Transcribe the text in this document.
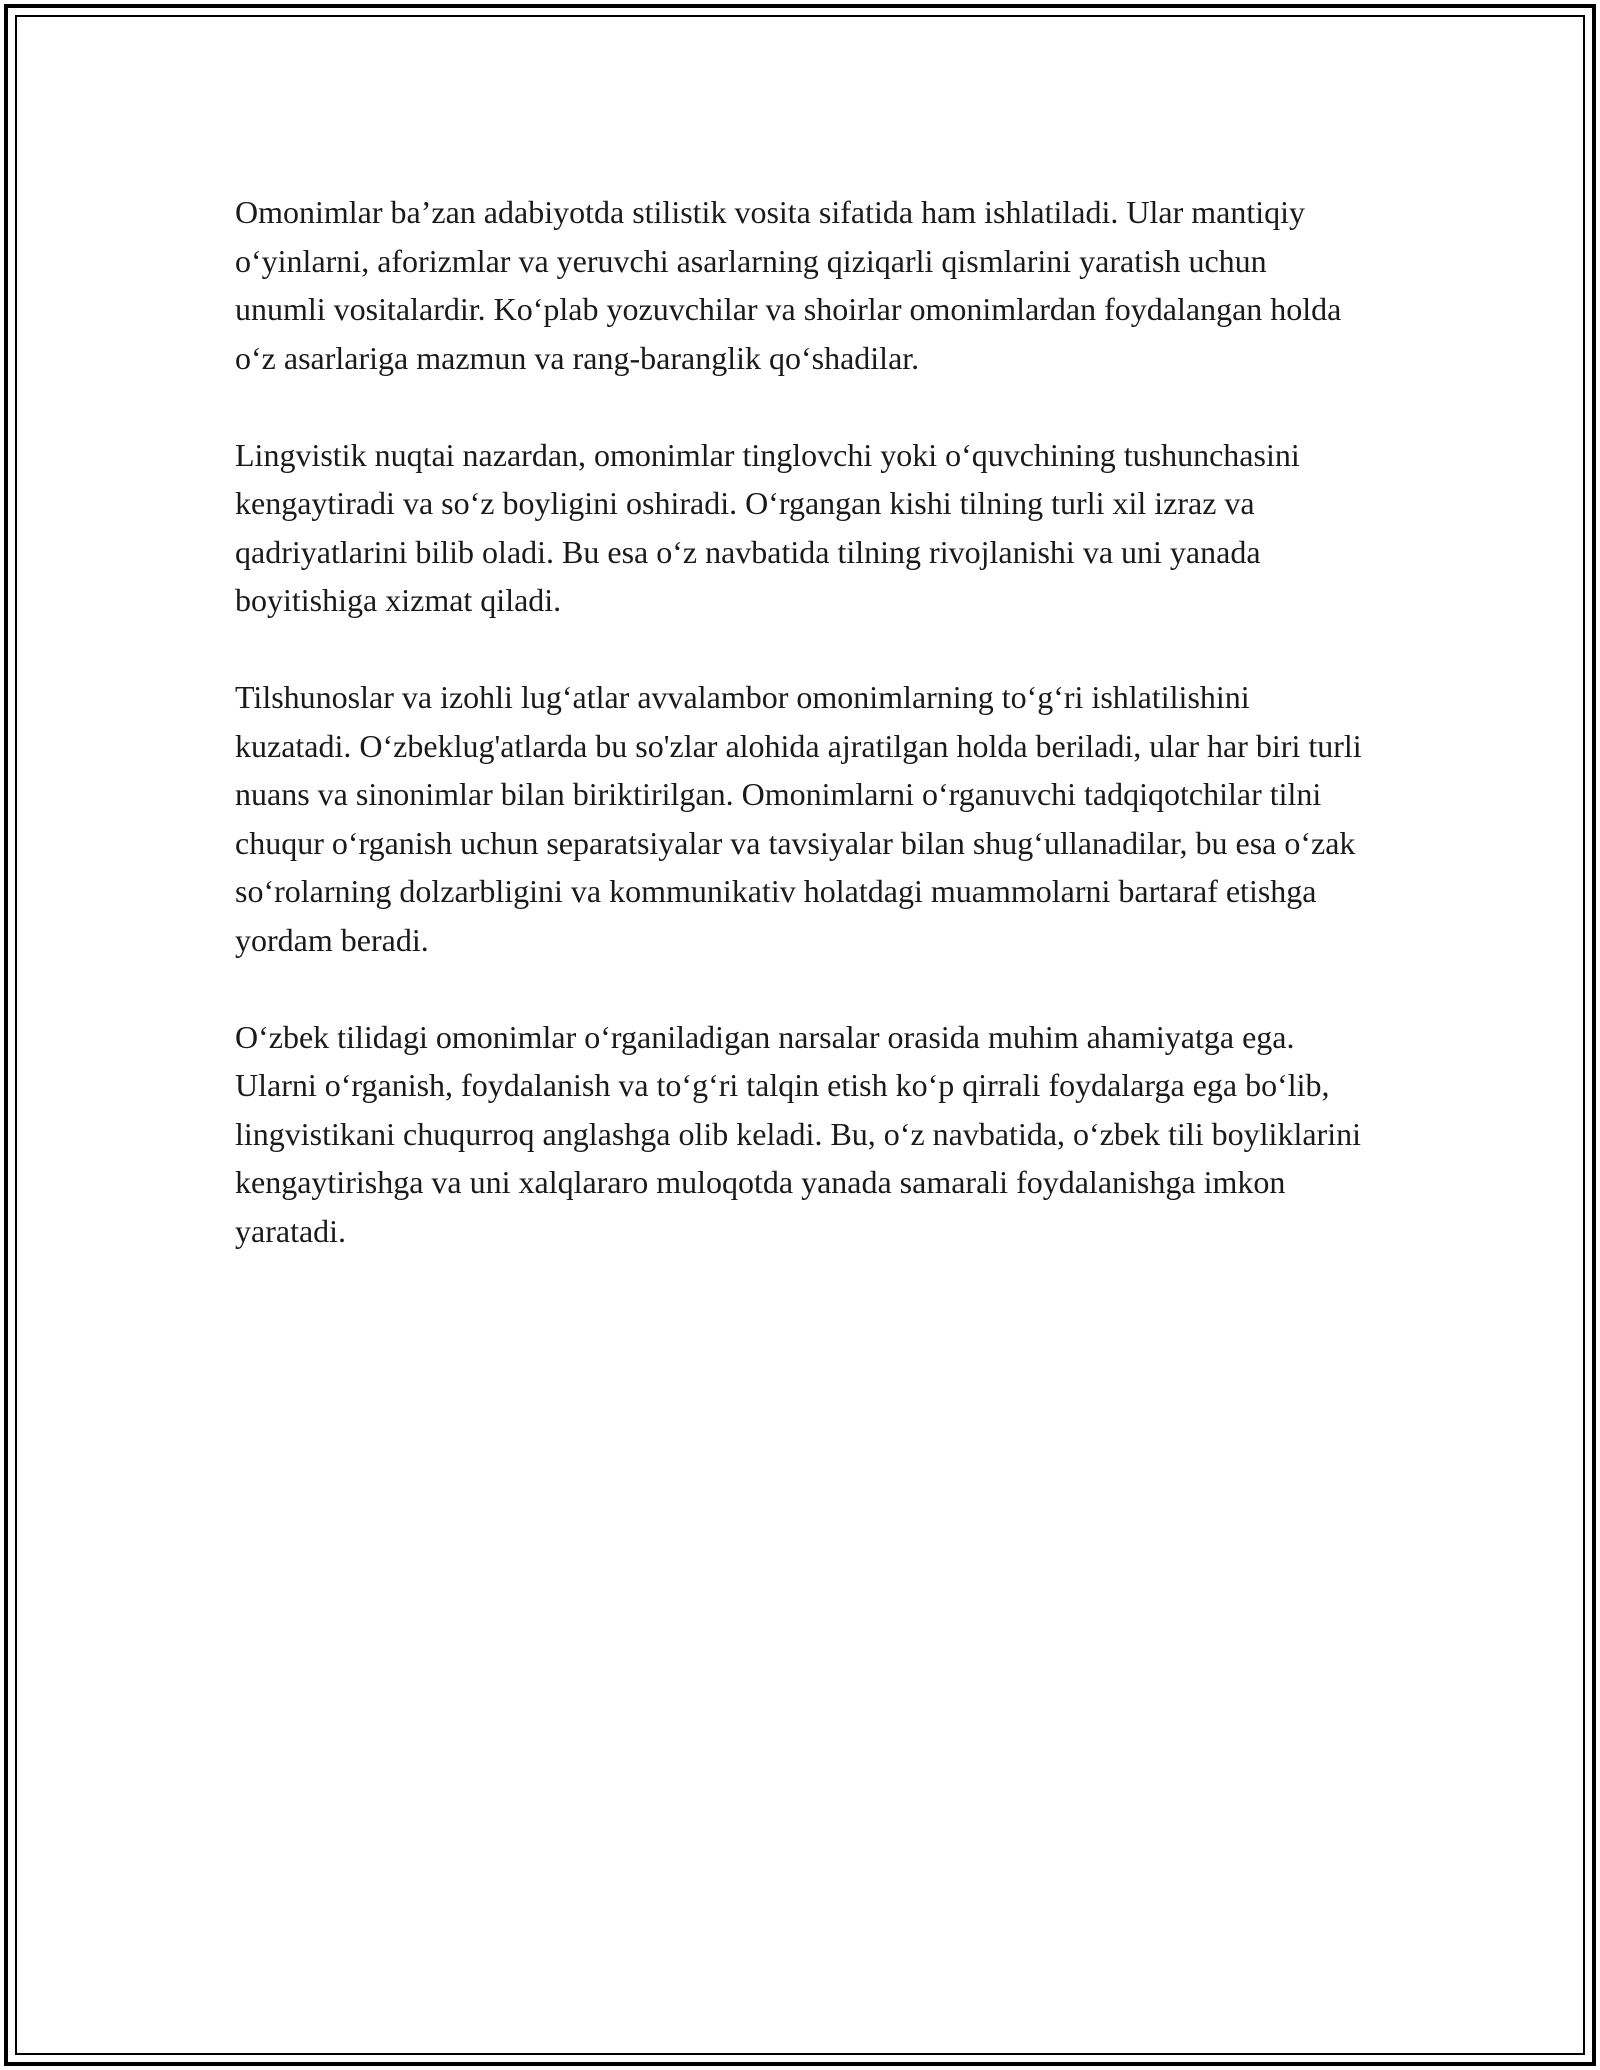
Omonimlar ba’zan adabiyotda stilistik vosita sifatida ham ishlatiladi. Ular mantiqiy o‘yinlarni, aforizmlar va yeruvchi asarlarning qiziqarli qismlarini yaratish uchun unumli vositalardir. Ko‘plab yozuvchilar va shoirlar omonimlardan foydalangan holda o‘z asarlariga mazmun va rang-baranglik qo‘shadilar.

Lingvistik nuqtai nazardan, omonimlar tinglovchi yoki o‘quvchining tushunchasini kengaytiradi va so‘z boyligini oshiradi. O‘rgangan kishi tilning turli xil izraz va qadriyatlarini bilib oladi. Bu esa o‘z navbatida tilning rivojlanishi va uni yanada boyitishiga xizmat qiladi.

Tilshunoslar va izohli lug‘atlar avvalambor omonimlarning to‘g‘ri ishlatilishini kuzatadi. O‘zbeklug'atlarda bu so'zlar alohida ajratilgan holda beriladi, ular har biri turli nuans va sinonimlar bilan biriktirilgan. Omonimlarni o‘rganuvchi tadqiqotchilar tilni chuqur o‘rganish uchun separatsiyalar va tavsiyalar bilan shug‘ullanadilar, bu esa o‘zak so‘rolarning dolzarbligini va kommunikativ holatdagi muammolarni bartaraf etishga yordam beradi.

O‘zbek tilidagi omonimlar o‘rganiladigan narsalar orasida muhim ahamiyatga ega. Ularni o‘rganish, foydalanish va to‘g‘ri talqin etish ko‘p qirrali foydalarga ega bo‘lib, lingvistikani chuqurroq anglashga olib keladi. Bu, o‘z navbatida, o‘zbek tili boyliklarini kengaytirishga va uni xalqlararo muloqotda yanada samarali foydalanishga imkon yaratadi.
